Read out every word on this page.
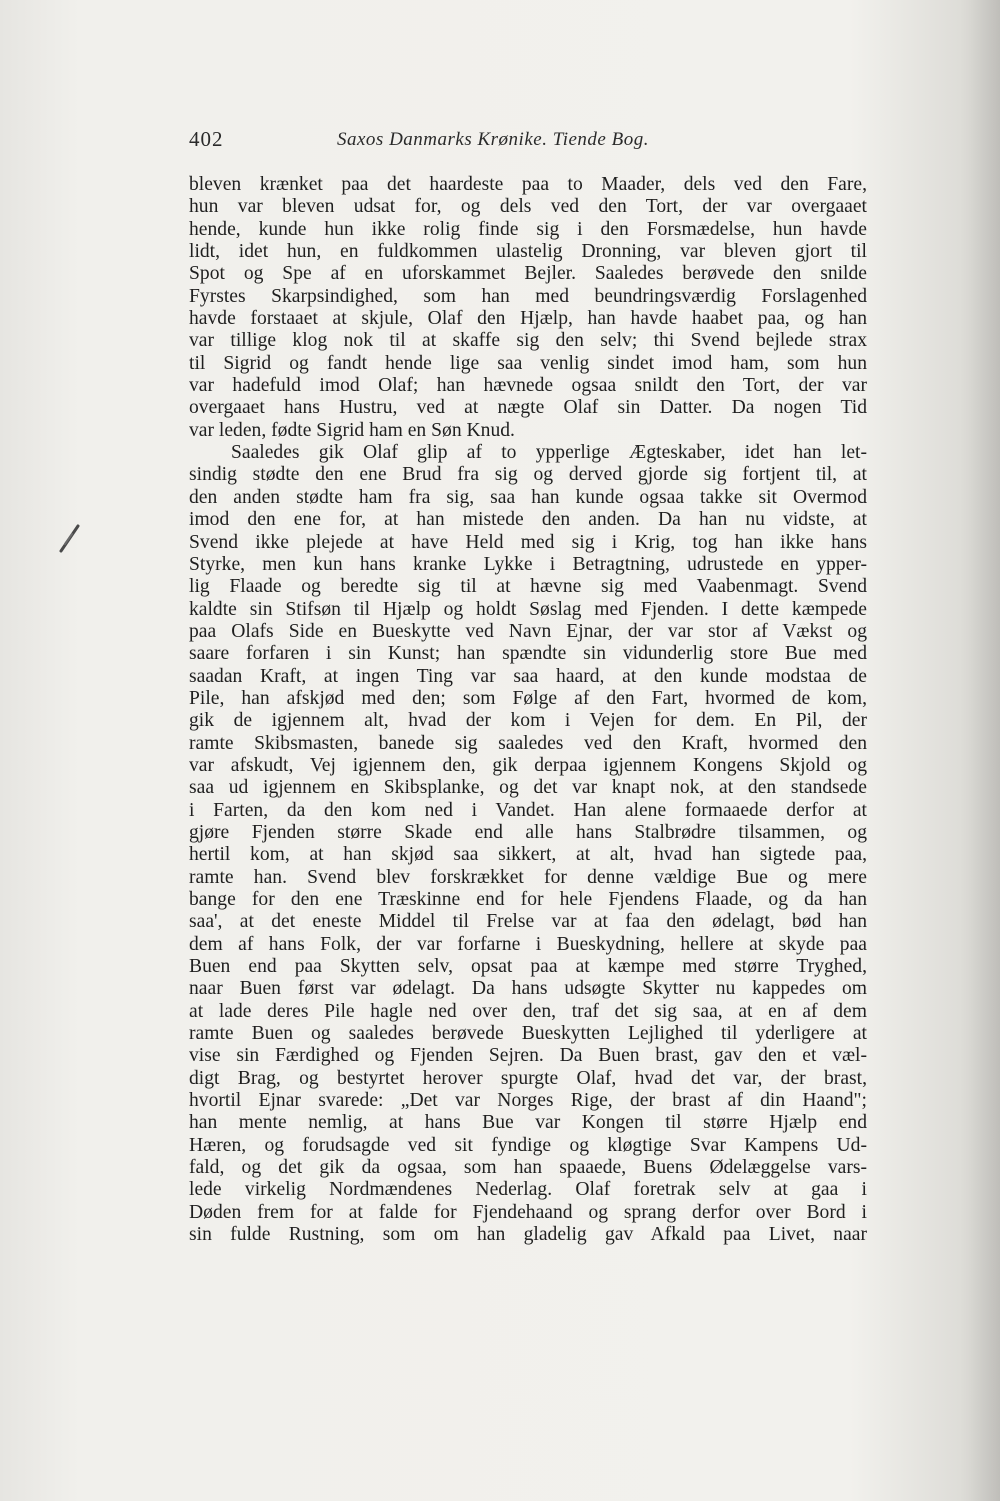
402	Saxos Danmarks Krønike. Tiende Bog.
bleven krænket paa det haardeste paa to Maader, dels ved den Fare,
hun var bleven udsat for, og dels ved den Tort, der var overgaaet
hende, kunde hun ikke rolig finde sig i den Forsmædelse, hun havde
lidt, idet hun, en fuldkommen ulastelig Dronning, var bleven gjort til
Spot og Spe af en uforskammet Bejler. Saaledes berøvede den snilde
Fyrstes Skarpsindighed, som han med beundringsværdig Forslagenhed
havde forstaaet at skjule, Olaf den Hjælp, han havde haabet paa, og han
var tillige klog nok til at skaffe sig den selv; thi Svend bejlede strax
til Sigrid og fandt hende lige saa venlig sindet imod ham, som hun
var hadefuld imod Olaf; han hævnede ogsaa snildt den Tort, der var
overgaaet hans Hustru, ved at nægte Olaf sin Datter. Da nogen Tid
var leden, fødte Sigrid ham en Søn Knud.
Saaledes gik Olaf glip af to ypperlige Ægteskaber, idet han let-
sindig stødte den ene Brud fra sig og derved gjorde sig fortjent til, at
den anden stødte ham fra sig, saa han kunde ogsaa takke sit Overmod
imod den ene for, at han mistede den anden. Da han nu vidste, at
Svend ikke plejede at have Held med sig i Krig, tog han ikke hans
Styrke, men kun hans kranke Lykke i Betragtning, udrustede en ypper-
lig Flaade og beredte sig til at hævne sig med Vaabenmagt. Svend
kaldte sin Stifsøn til Hjælp og holdt Søslag med Fjenden. I dette kæmpede
paa Olafs Side en Bueskytte ved Navn Ejnar, der var stor af Vækst og
saare forfaren i sin Kunst; han spændte sin vidunderlig store Bue med
saadan Kraft, at ingen Ting var saa haard, at den kunde modstaa de
Pile, han afskjød med den; som Følge af den Fart, hvormed de kom,
gik de igjennem alt, hvad der kom i Vejen for dem. En Pil, der
ramte Skibsmasten, banede sig saaledes ved den Kraft, hvormed den
var afskudt, Vej igjennem den, gik derpaa igjennem Kongens Skjold og
saa ud igjennem en Skibsplanke, og det var knapt nok, at den standsede
i Farten, da den kom ned i Vandet. Han alene formaaede derfor at
gjøre Fjenden større Skade end alle hans Stalbrødre tilsammen, og
hertil kom, at han skjød saa sikkert, at alt, hvad han sigtede paa,
ramte han. Svend blev forskrækket for denne vældige Bue og mere
bange for den ene Træskinne end for hele Fjendens Flaade, og da han
saa', at det eneste Middel til Frelse var at faa den ødelagt, bød han
dem af hans Folk, der var forfarne i Bueskydning, hellere at skyde paa
Buen end paa Skytten selv, opsat paa at kæmpe med større Tryghed,
naar Buen først var ødelagt. Da hans udsøgte Skytter nu kappedes om
at lade deres Pile hagle ned over den, traf det sig saa, at en af dem
ramte Buen og saaledes berøvede Bueskytten Lejlighed til yderligere at
vise sin Færdighed og Fjenden Sejren. Da Buen brast, gav den et væl-
digt Brag, og bestyrtet herover spurgte Olaf, hvad det var, der brast,
hvortil Ejnar svarede: „Det var Norges Rige, der brast af din Haand";
han mente nemlig, at hans Bue var Kongen til større Hjælp end
Hæren, og forudsagde ved sit fyndige og kløgtige Svar Kampens Ud-
fald, og det gik da ogsaa, som han spaaede, Buens Ødelæggelse vars-
lede virkelig Nordmændenes Nederlag. Olaf foretrak selv at gaa i
Døden frem for at falde for Fjendehaand og sprang derfor over Bord i
sin fulde Rustning, som om han gladelig gav Afkald paa Livet, naar
